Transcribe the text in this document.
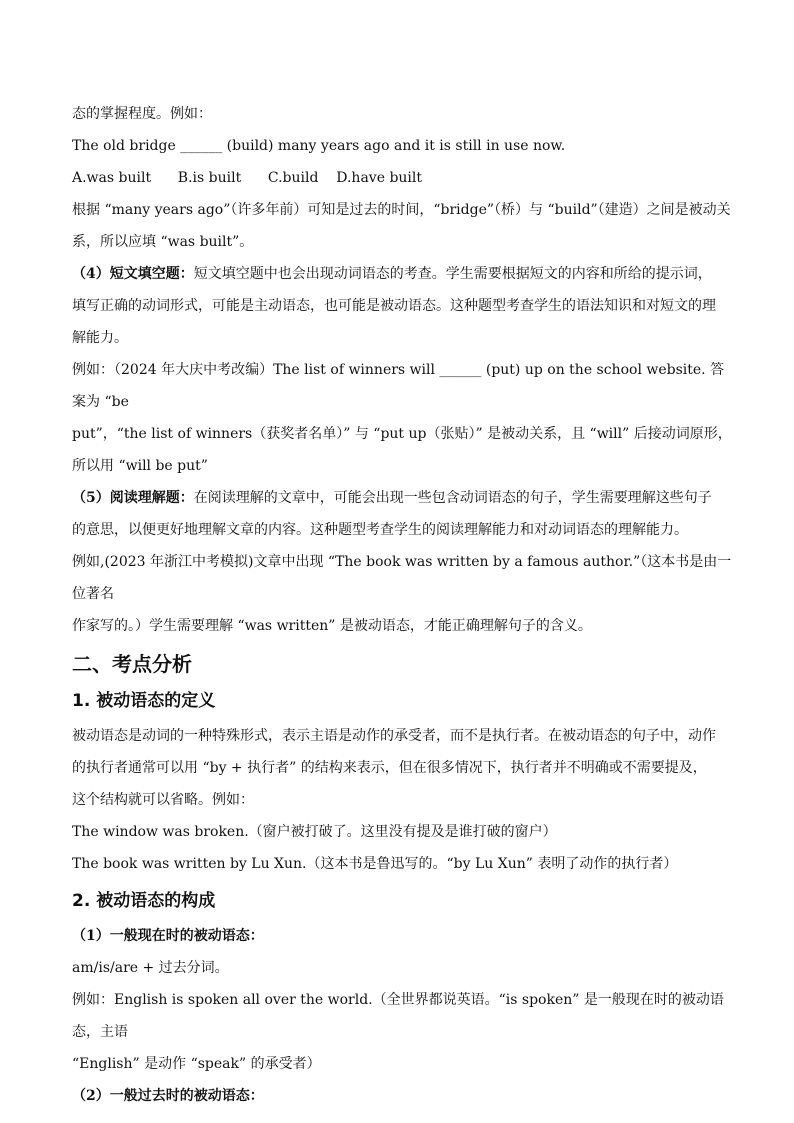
态的掌握程度。例如：

The old bridge ______ (build) many years ago and it is still in use now.

A.was built      B.is built      C.build    D.have built

根据 “many years ago”（许多年前）可知是过去的时间，“bridge”（桥）与 “build”（建造）之间是被动关

系，所以应填 “was built”。

（4）短文填空题：短文填空题中也会出现动词语态的考查。学生需要根据短文的内容和所给的提示词，

填写正确的动词形式，可能是主动语态，也可能是被动语态。这种题型考查学生的语法知识和对短文的理

解能力。

例如：（2024 年大庆中考改编）The list of winners will ______ (put) up on the school website. 答案为 “be

put”，“the list of winners（获奖者名单）” 与 “put up（张贴）” 是被动关系，且 “will” 后接动词原形，

所以用 “will be put”

（5）阅读理解题：在阅读理解的文章中，可能会出现一些包含动词语态的句子，学生需要理解这些句子

的意思，以便更好地理解文章的内容。这种题型考查学生的阅读理解能力和对动词语态的理解能力。

例如,(2023 年浙江中考模拟)文章中出现 “The book was written by a famous author.”（这本书是由一位著名

作家写的。）学生需要理解 “was written” 是被动语态，才能正确理解句子的含义。

二、考点分析
1. 被动语态的定义

被动语态是动词的一种特殊形式，表示主语是动作的承受者，而不是执行者。在被动语态的句子中，动作

的执行者通常可以用 “by + 执行者” 的结构来表示，但在很多情况下，执行者并不明确或不需要提及，

这个结构就可以省略。例如：

The window was broken.（窗户被打破了。这里没有提及是谁打破的窗户）

The book was written by Lu Xun.（这本书是鲁迅写的。“by Lu Xun” 表明了动作的执行者）

2. 被动语态的构成

（1）一般现在时的被动语态：

am/is/are + 过去分词。

例如：English is spoken all over the world.（全世界都说英语。“is spoken” 是一般现在时的被动语态，主语

“English” 是动作 “speak” 的承受者）

（2）一般过去时的被动语态：
